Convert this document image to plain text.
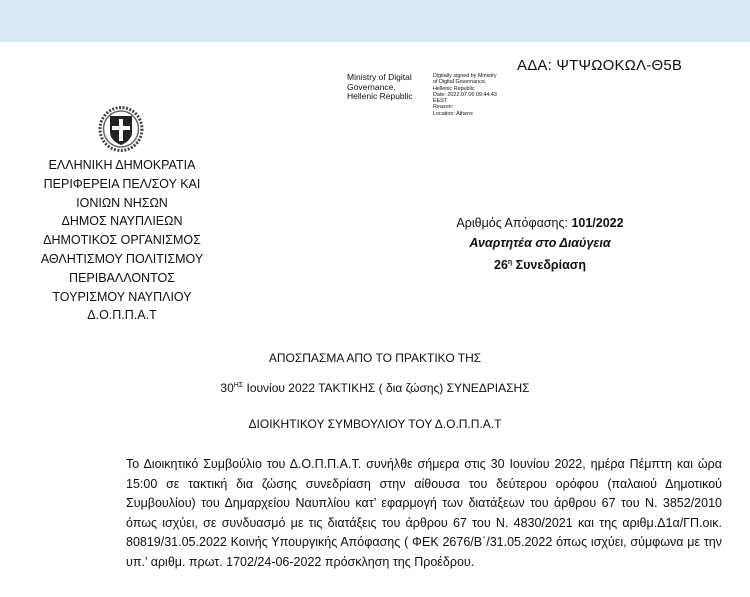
ΑΔΑ: ΨΤΨΩΟΚΩΛ-Θ5Β
Ministry of Digital
Governance,
Hellenic Republic
Digitally signed by Ministry
of Digital Governance,
Hellenic Republic
Date: 2022.07.06 09:44:43
EEST
Reason:
Location: Athens
ΕΛΛΗΝΙΚΗ ΔΗΜΟΚΡΑΤΙΑ
ΠΕΡΙΦΕΡΕΙΑ ΠΕΛ/ΣΟΥ ΚΑΙ
ΙΟΝΙΩΝ ΝΗΣΩΝ
ΔΗΜΟΣ ΝΑΥΠΛΙΕΩΝ
ΔΗΜΟΤΙΚΟΣ ΟΡΓΑΝΙΣΜΟΣ
ΑΘΛΗΤΙΣΜΟΥ ΠΟΛΙΤΙΣΜΟΥ
ΠΕΡΙΒΑΛΛΟΝΤΟΣ
ΤΟΥΡΙΣΜΟΥ ΝΑΥΠΛΙΟΥ
Δ.Ο.Π.Π.Α.Τ
Αριθμός Απόφασης: 101/2022
Αναρτητέα στο Διαύγεια
$26^\eta$ Συνεδρίαση
ΑΠΟΣΠΑΣΜΑ ΑΠΟ ΤΟ ΠΡΑΚΤΙΚΟ ΤΗΣ
$30^{H\Sigma}$ Ιουνίου 2022 ΤΑΚΤΙΚΗΣ ( δια ζώσης) ΣΥΝΕΔΡΙΑΣΗΣ
ΔΙΟΙΚΗΤΙΚΟΥ ΣΥΜΒΟΥΛΙΟΥ ΤΟΥ Δ.Ο.Π.Π.Α.Τ
Το Διοικητικό Συμβούλιο του Δ.Ο.Π.Π.Α.Τ. συνήλθε σήμερα στις 30 Ιουνίου 2022, ημέρα Πέμπτη και ώρα 15:00 σε τακτική δια ζώσης συνεδρίαση στην αίθουσα του δεύτερου ορόφου (παλαιού Δημοτικού Συμβουλίου) του Δημαρχείου Ναυπλίου κατ’ εφαρμογή των διατάξεων του άρθρου 67 του Ν. 3852/2010 όπως ισχύει, σε συνδυασμό με τις διατάξεις του άρθρου 67 του Ν. 4830/2021 και της αριθμ.Δ1α/ΓΠ.οικ. 80819/31.05.2022 Κοινής Υπουργικής Απόφασης ( ΦΕΚ 2676/Β΄/31.05.2022 όπως ισχύει, σύμφωνα με την υπ.’ αριθμ. πρωτ. 1702/24-06-2022 πρόσκληση της Προέδρου.
